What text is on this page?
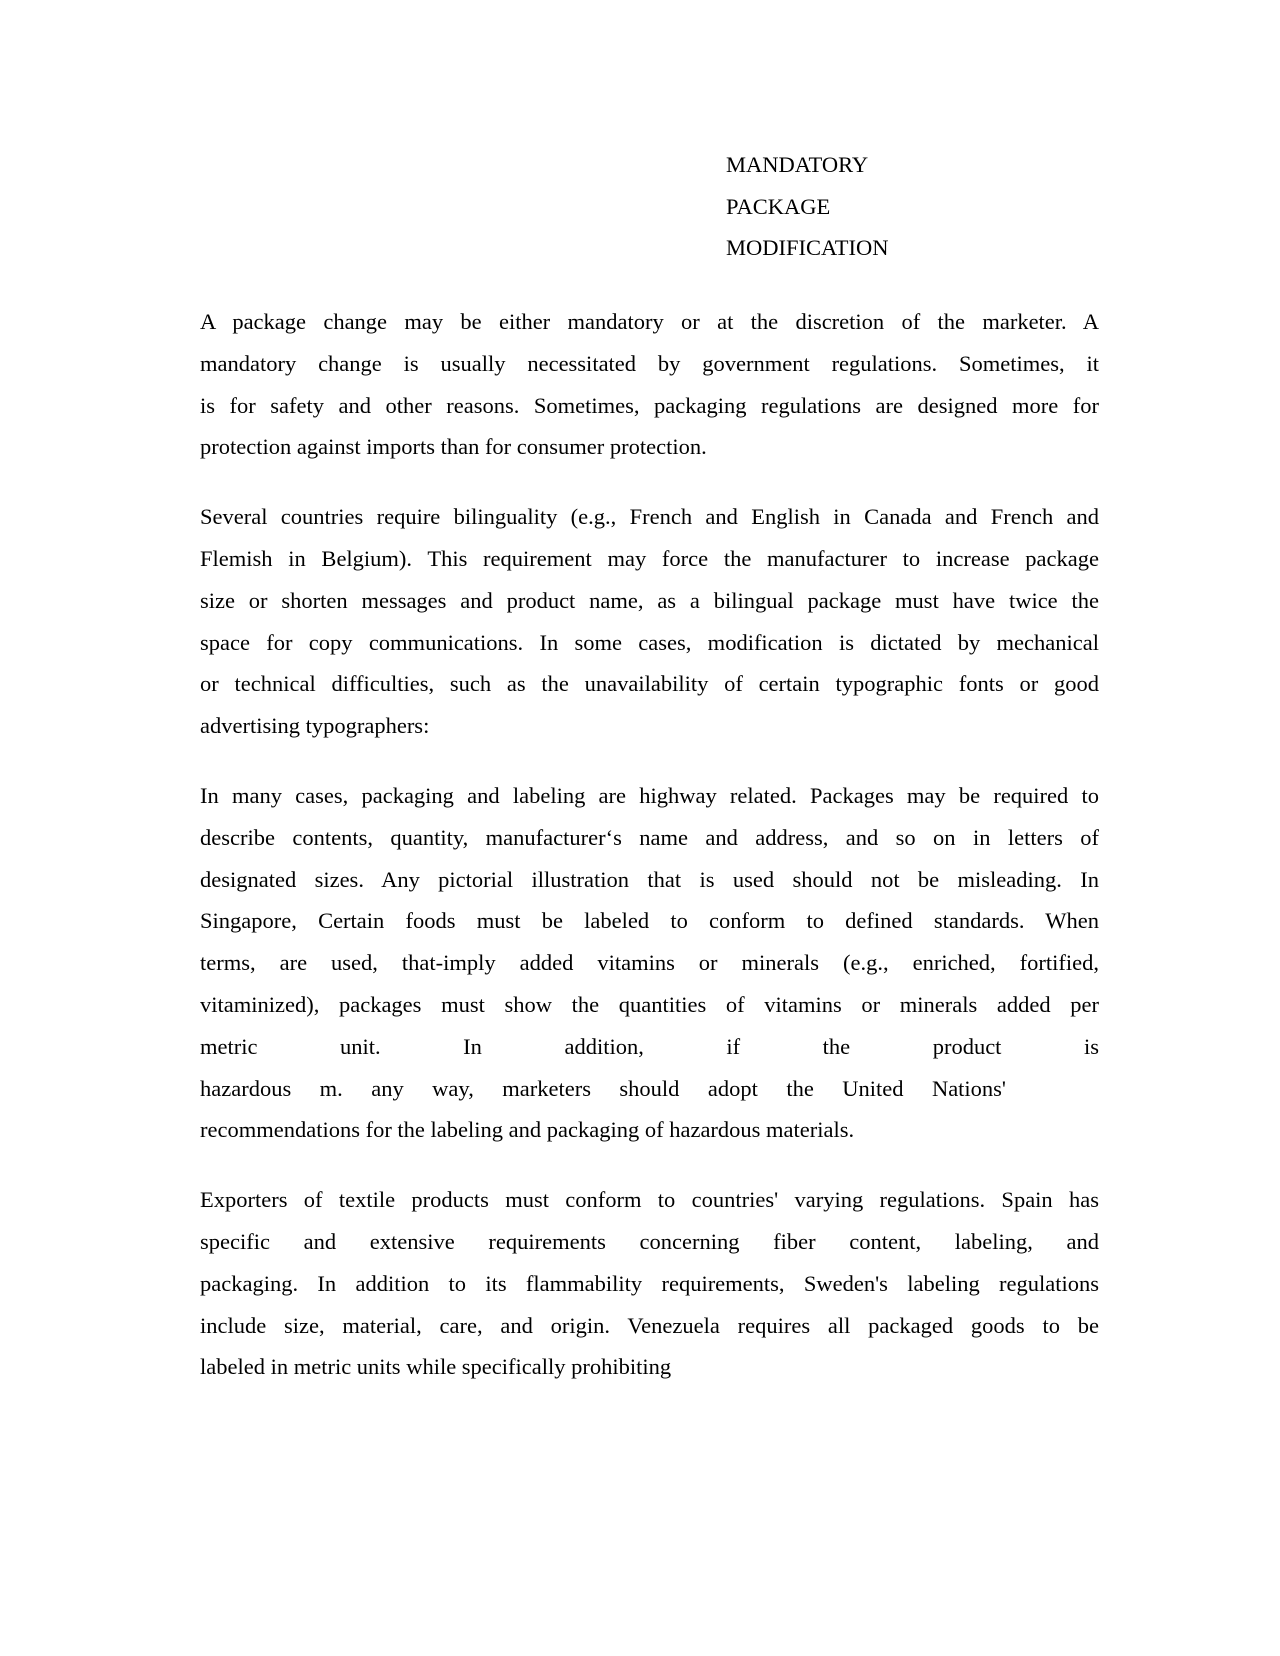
MANDATORY
PACKAGE
MODIFICATION

A package change may be either mandatory or at the discretion of the marketer. A
mandatory change is usually necessitated by government regulations. Sometimes, it
is for safety and other reasons. Sometimes, packaging regulations are designed more for
protection against imports than for consumer protection.

Several countries require bilinguality (e.g., French and English in Canada and French and
Flemish in Belgium). This requirement may force the manufacturer to increase package
size or shorten messages and product name, as a bilingual package must have twice the
space for copy communications. In some cases, modification is dictated by mechanical
or technical difficulties, such as the unavailability of certain typographic fonts or good
advertising typographers:

In many cases, packaging and labeling are highway related. Packages may be required to
describe contents, quantity, manufacturer‘s name and address, and so on in letters of
designated sizes. Any pictorial illustration that is used should not be misleading. In
Singapore, Certain foods must be labeled to conform to defined standards. When
terms, are used, that-imply added vitamins or minerals (e.g., enriched, fortified,
vitaminized), packages must show the quantities of vitamins or minerals added per
metric unit. In addition, if the product is
hazardous m. any way, marketers should adopt the United Nations'
recommendations for the labeling and packaging of hazardous materials.

Exporters of textile products must conform to countries' varying regulations. Spain has
specific and extensive requirements concerning fiber content, labeling, and
packaging. In addition to its flammability requirements, Sweden's labeling regulations
include size, material, care, and origin. Venezuela requires all packaged goods to be
labeled in metric units while specifically prohibiting
